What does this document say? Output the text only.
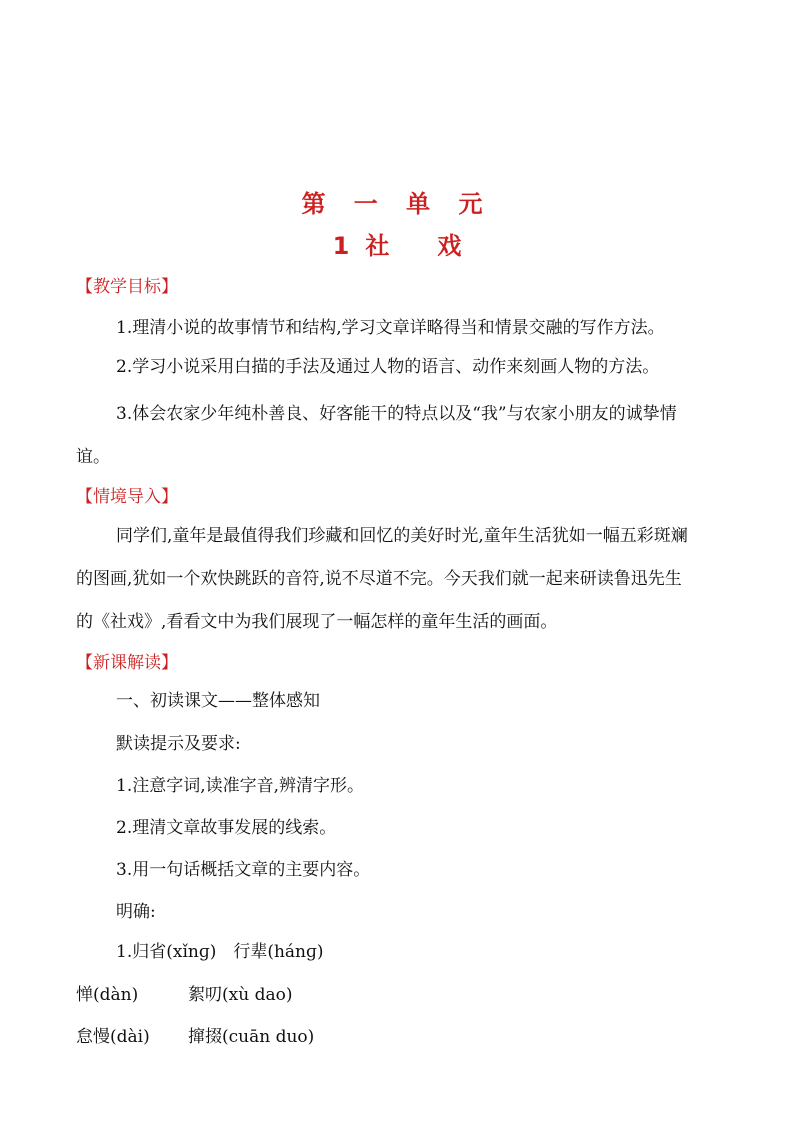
第 一 单 元
1 社 戏
【教学目标】
1.理清小说的故事情节和结构,学习文章详略得当和情景交融的写作方法。
2.学习小说采用白描的手法及通过人物的语言、动作来刻画人物的方法。
3.体会农家少年纯朴善良、好客能干的特点以及“我”与农家小朋友的诚挚情谊。
【情境导入】
同学们,童年是最值得我们珍藏和回忆的美好时光,童年生活犹如一幅五彩斑斓的图画,犹如一个欢快跳跃的音符,说不尽道不完。今天我们就一起来研读鲁迅先生的《社戏》,看看文中为我们展现了一幅怎样的童年生活的画面。
【新课解读】
一、初读课文——整体感知
默读提示及要求:
1.注意字词,读准字音,辨清字形。
2.理清文章故事发展的线索。
3.用一句话概括文章的主要内容。
明确:
1.归省(xǐnɡ)　行辈(hánɡ)
惮(dàn)	絮叨(xù dao)
怠慢(dài) 撺掇(cuān duo)
